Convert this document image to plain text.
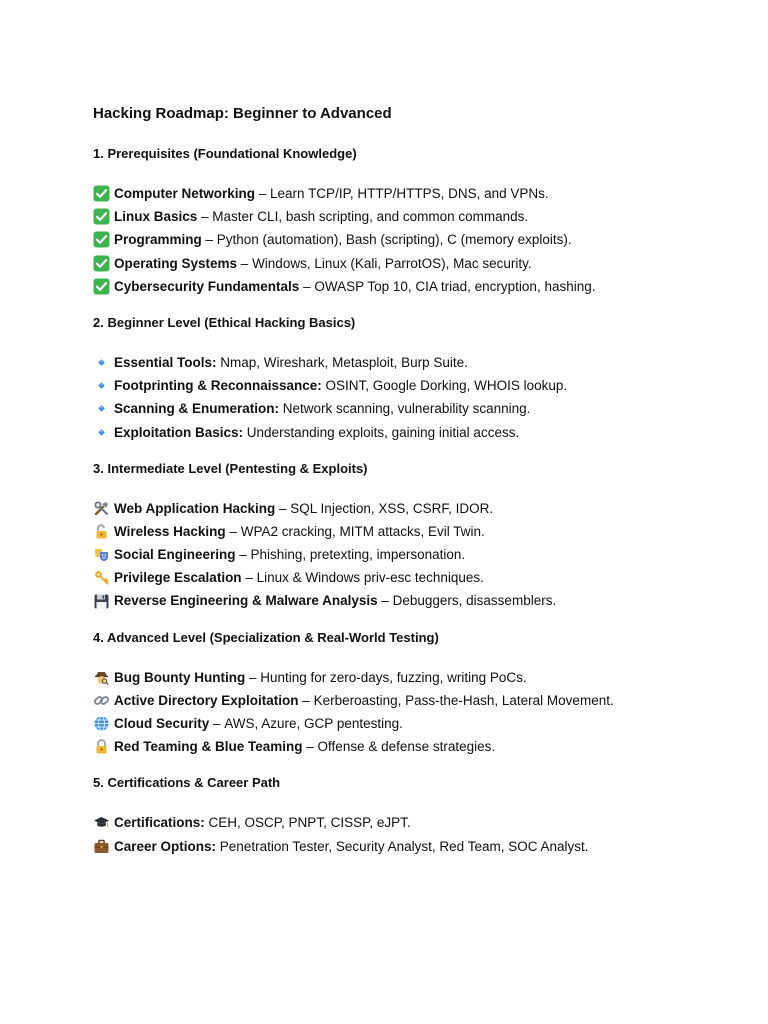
Hacking Roadmap: Beginner to Advanced
1. Prerequisites (Foundational Knowledge)
Computer Networking – Learn TCP/IP, HTTP/HTTPS, DNS, and VPNs.
Linux Basics – Master CLI, bash scripting, and common commands.
Programming – Python (automation), Bash (scripting), C (memory exploits).
Operating Systems – Windows, Linux (Kali, ParrotOS), Mac security.
Cybersecurity Fundamentals – OWASP Top 10, CIA triad, encryption, hashing.
2. Beginner Level (Ethical Hacking Basics)
Essential Tools:
Nmap, Wireshark, Metasploit, Burp Suite.
Footprinting & Reconnaissance:
OSINT, Google Dorking, WHOIS lookup.
Scanning & Enumeration:
Network scanning, vulnerability scanning.
Exploitation Basics:
Understanding exploits, gaining initial access.
3. Intermediate Level (Pentesting & Exploits)
Web Application Hacking – SQL Injection, XSS, CSRF, IDOR.
Wireless Hacking – WPA2 cracking, MITM attacks, Evil Twin.
Social Engineering – Phishing, pretexting, impersonation.
Privilege Escalation – Linux & Windows priv-esc techniques.
Reverse Engineering & Malware Analysis – Debuggers, disassemblers.
4. Advanced Level (Specialization & Real-World Testing)
Bug Bounty Hunting – Hunting for zero-days, fuzzing, writing PoCs.
Active Directory Exploitation – Kerberoasting, Pass-the-Hash, Lateral Movement.
Cloud Security – AWS, Azure, GCP pentesting.
Red Teaming & Blue Teaming – Offense & defense strategies.
5. Certifications & Career Path
Certifications:
CEH, OSCP, PNPT, CISSP, eJPT.
Career Options:
Penetration Tester, Security Analyst, Red Team, SOC Analyst.
